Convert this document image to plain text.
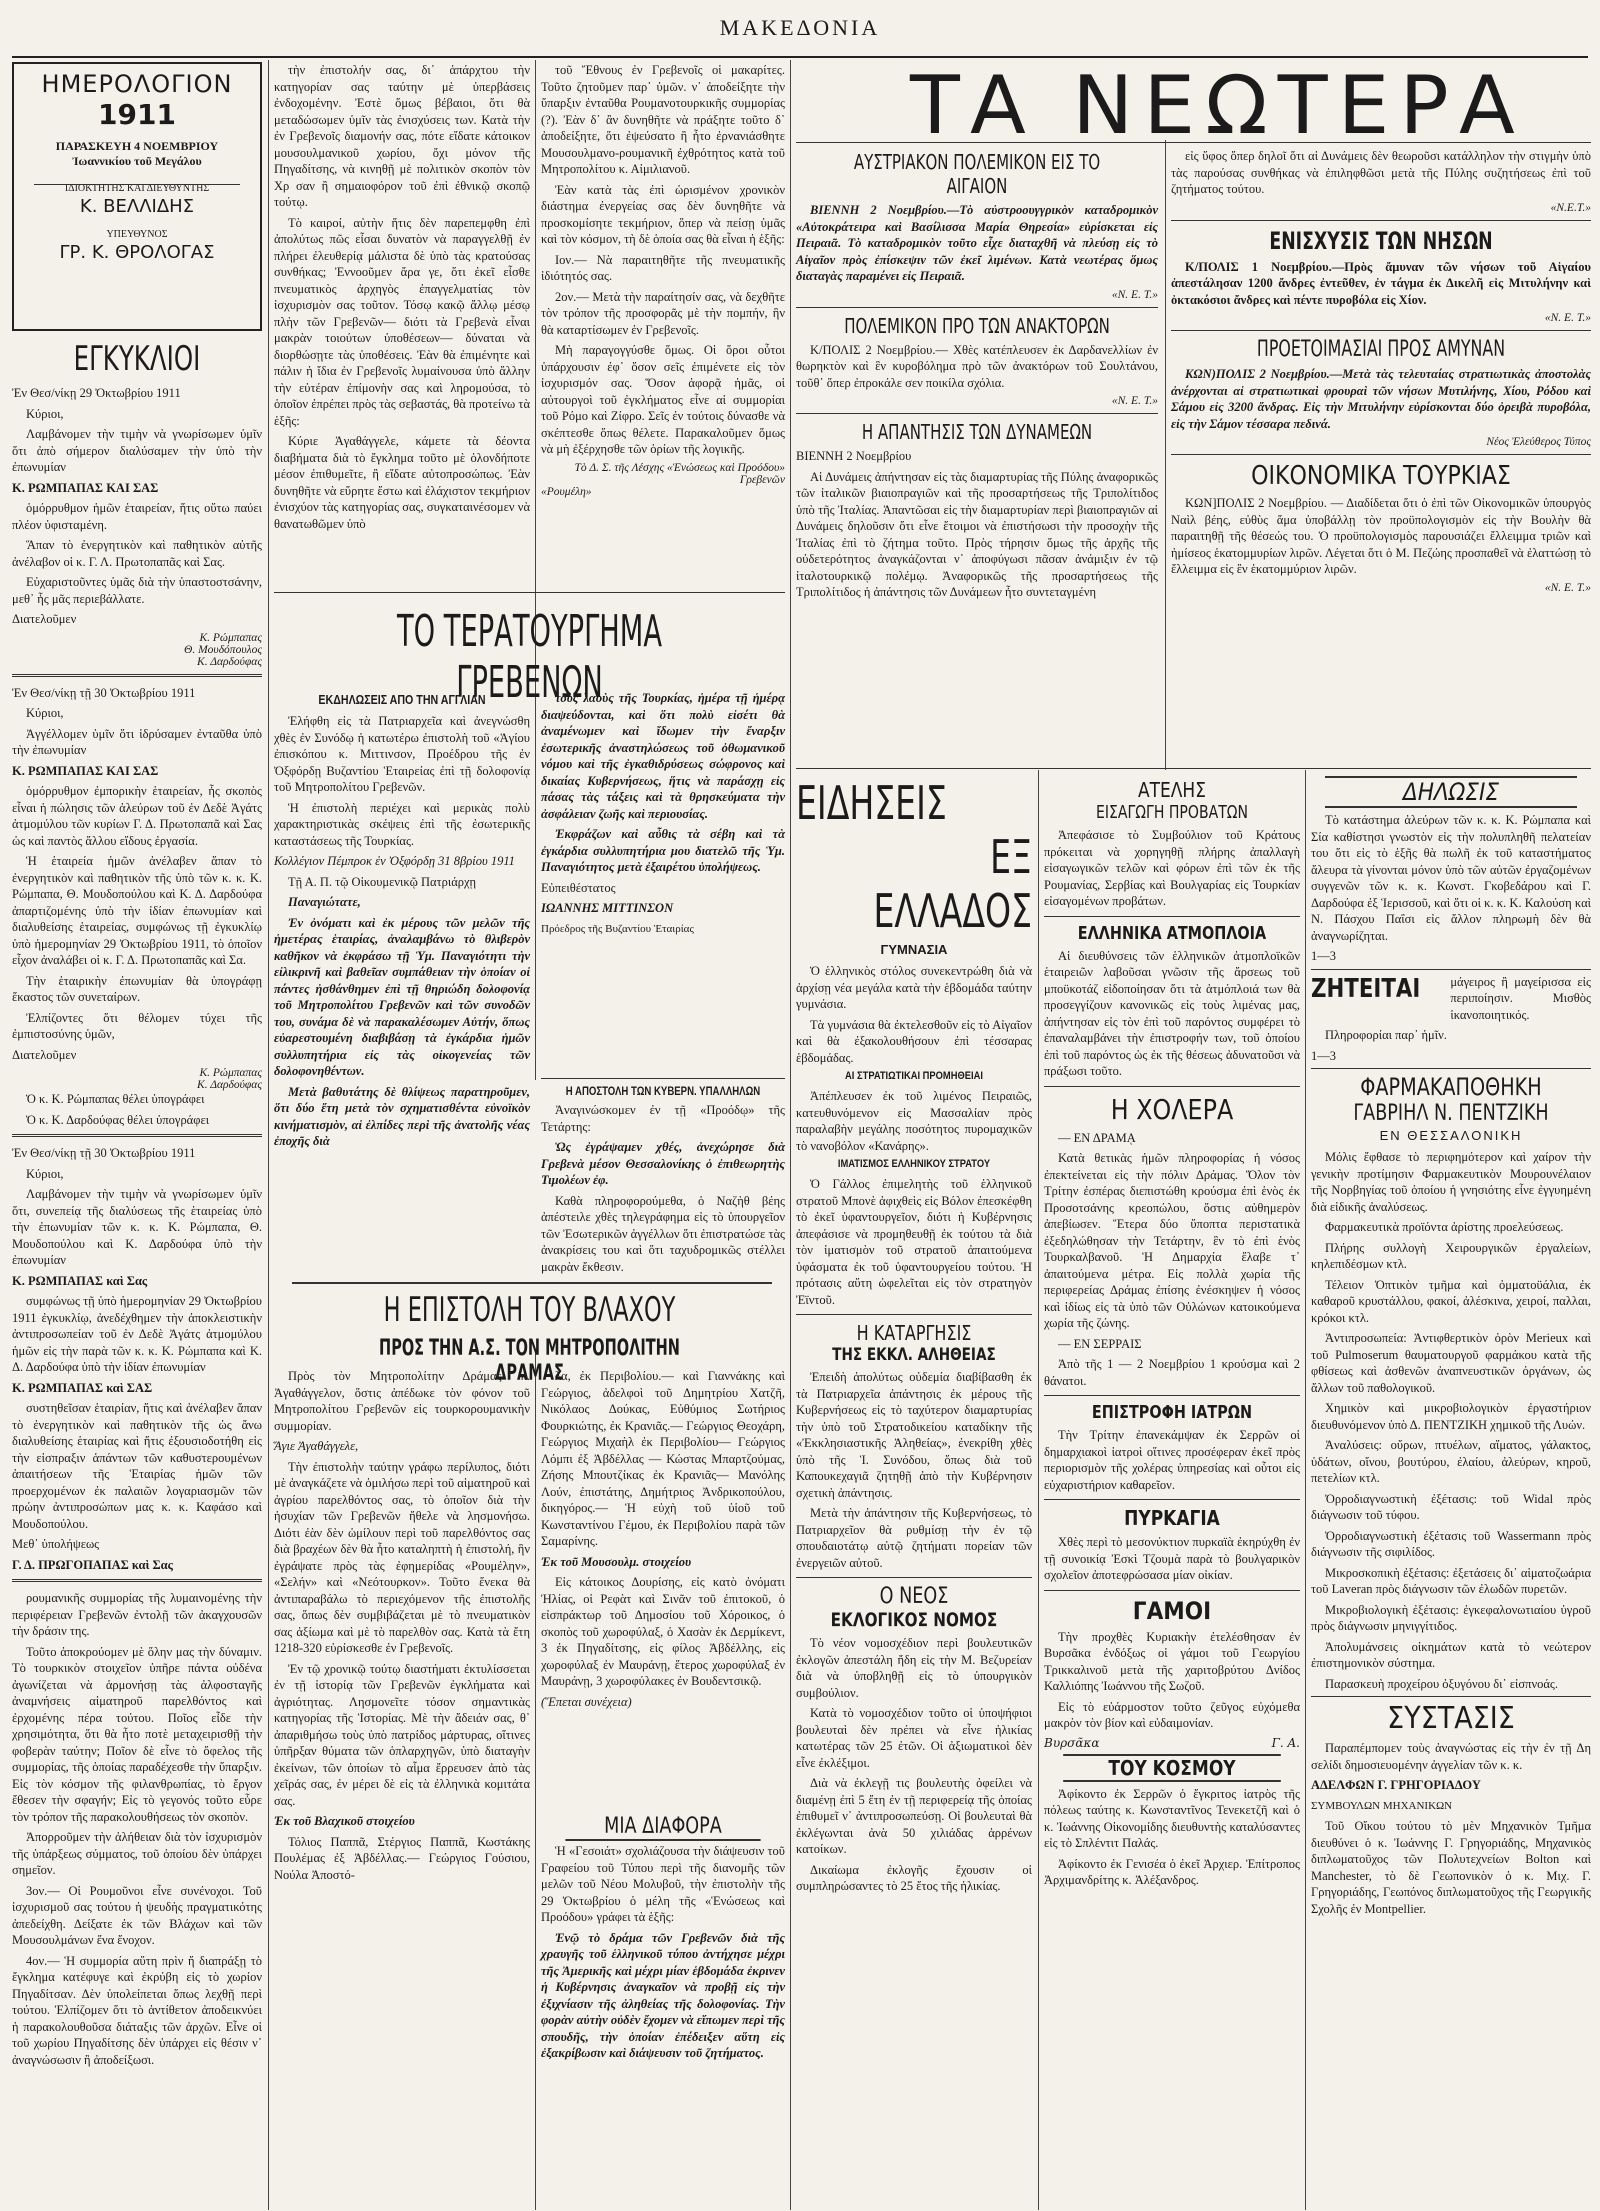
ΜΑΚΕΔΟΝΙΑ
ΗΜΕΡΟΛΟΓΙΟΝ
1911
ΠΑΡΑΣΚΕΥΗ 4 ΝΟΕΜΒΡΙΟΥ
Ἰωαννικίου τοῦ Μεγάλου
ΙΔΙΟΚΤΗΤΗΣ ΚΑΙ ΔΙΕΥΘΥΝΤΗΣ
Κ. ΒΕΛΛΙΔΗΣ
ΥΠΕΥΘΥΝΟΣ
ΓΡ. Κ. ΘΡΟΛΟΓΑΣ
ΕΓΚΥΚΛΙΟΙ

Ἐν Θεσ/νίκῃ 29 Ὀκτωβρίου 1911

Κύριοι,

Λαμβάνομεν τὴν τιμὴν νὰ γνωρίσωμεν ὑμῖν ὅτι ἀπὸ σήμερον διαλύσαμεν τὴν ὑπὸ τὴν ἐπωνυμίαν

Κ. ΡΩΜΠΑΠΑΣ ΚΑΙ ΣΑΣ

ὁμόρρυθμον ἡμῶν ἑταιρείαν, ἥτις οὕτω παύει πλέον ὑφισταμένη.

Ἅπαν τὸ ἐνεργητικὸν καὶ παθητικὸν αὐτῆς ἀνέλαβον οἱ κ. Γ. Λ. Πρωτοπαπᾶς καὶ Σας.

Εὐχαριστοῦντες ὑμᾶς διὰ τὴν ὑπαστοστσάνην, μεθ᾿ ἧς μᾶς περιεβάλλατε.

Διατελοῦμεν

Κ. Ρώμπαπας

Θ. Μουδόπουλος

Κ. Δαρδούφας

Ἐν Θεσ/νίκῃ τῇ 30 Ὀκτωβρίου 1911

Κύριοι,

Ἀγγέλλομεν ὑμῖν ὅτι ἱδρύσαμεν ἐνταῦθα ὑπὸ τὴν ἐπωνυμίαν

Κ. ΡΩΜΠΑΠΑΣ ΚΑΙ ΣΑΣ

ὁμόρρυθμον ἐμπορικὴν ἑταιρείαν, ἧς σκοπὸς εἶναι ἡ πώλησις τῶν ἀλεύρων τοῦ ἐν Δεδὲ Ἀγάτς ἀτμομύλου τῶν κυρίων Γ. Δ. Πρωτοπαπᾶ καὶ Σας ὡς καὶ παντὸς ἄλλου εἴδους ἐργασία.

Ἡ ἑταιρεία ἡμῶν ἀνέλαβεν ἅπαν τὸ ἐνεργητικὸν καὶ παθητικὸν τῆς ὑπὸ τῶν κ. κ. Κ. Ρώμπαπα, Θ. Μουδοπούλου καὶ Κ. Δ. Δαρδούφα ἀπαρτιζομένης ὑπὸ τὴν ἰδίαν ἐπωνυμίαν καὶ διαλυθείσης ἑταιρείας, συμφώνως τῇ ἐγκυκλίῳ ὑπὸ ἡμερομηνίαν 29 Ὀκτωβρίου 1911, τὸ ὁποῖον εἶχον ἀναλάβει οἱ κ. Γ. Δ. Πρωτοπαπᾶς καὶ Σα.

Τὴν ἑταιρικὴν ἐπωνυμίαν θὰ ὑπογράφῃ ἕκαστος τῶν συνεταίρων.

Ἐλπίζοντες ὅτι θέλομεν τύχει τῆς ἐμπιστοσύνης ὑμῶν,

Διατελοῦμεν

Κ. Ρώμπαπας

Κ. Δαρδούφας

Ὁ κ. Κ. Ρώμπαπας θέλει ὑπογράφει

Ὁ κ. Κ. Δαρδούφας θέλει ὑπογράφει

Ἐν Θεσ/νίκῃ τῇ 30 Ὀκτωβρίου 1911

Κύριοι,

Λαμβάνομεν τὴν τιμὴν νὰ γνωρίσωμεν ὑμῖν ὅτι, συνεπείᾳ τῆς διαλύσεως τῆς ἑταιρείας ὑπὸ τὴν ἐπωνυμίαν τῶν κ. κ. Κ. Ρώμπαπα, Θ. Μουδοπούλου καὶ Κ. Δαρδούφα ὑπὸ τὴν ἐπωνυμίαν

Κ. ΡΩΜΠΑΠΑΣ καὶ Σας

συμφώνως τῇ ὑπὸ ἡμερομηνίαν 29 Ὀκτωβρίου 1911 ἐγκυκλίῳ, ἀνεδέχθημεν τὴν ἀποκλειστικὴν ἀντιπροσωπείαν τοῦ ἐν Δεδὲ Ἀγάτς ἀτμομύλου ἡμῶν εἰς τὴν παρὰ τῶν κ. κ. Κ. Ρώμπαπα καὶ Κ. Δ. Δαρδούφα ὑπὸ τὴν ἰδίαν ἐπωνυμίαν

Κ. ΡΩΜΠΑΠΑΣ καὶ ΣΑΣ

συστηθεῖσαν ἑταιρίαν, ἥτις καὶ ἀνέλαβεν ἅπαν τὸ ἐνεργητικὸν καὶ παθητικὸν τῆς ὡς ἄνω διαλυθείσης ἑταιρίας καὶ ἥτις ἐξουσιοδοτήθη εἰς τὴν εἰσπραξιν ἁπάντων τῶν καθυστερουμένων ἀπαιτήσεων τῆς Ἑταιρίας ἡμῶν τῶν προερχομένων ἐκ παλαιῶν λογαριασμῶν τῶν πρώην ἀντιπροσώπων μας κ. κ. Καφάσο καὶ Μουδοπούλου.

Μεθ᾿ ὑπολήψεως

Γ. Δ. ΠΡΩΓΟΠΑΠΑΣ καὶ Σας

ρουμανικῆς συμμορίας τῆς λυμαινομένης τὴν περιφέρειαν Γρεβενῶν ἐντολῇ τῶν ἀκαγχουσῶν τὴν δράσιν της.

Τοῦτο ἀποκρούομεν μὲ ὅλην μας τὴν δύναμιν. Τὸ τουρκικὸν στοιχεῖον ὑπῆρε πάντα οὐδένα ἀγωνίζεται νὰ ἁρμονήσῃ τὰς ἀλφοσταγῆς ἀναμνήσεις αἱματηροῦ παρελθόντος καὶ ἐρχομένης πέρα τούτου. Ποῖος εἶδε τὴν χρησιμότητα, ὅτι θὰ ἦτο ποτὲ μεταχειρισθῇ τὴν φοβερὰν ταύτην; Ποῖον δὲ εἶνε τὸ ὄφελος τῆς συμμορίας, τῆς ὁποίας παραδέχεσθε τὴν ὕπαρξιν. Εἰς τὸν κόσμον τῆς φιλανθρωπίας, τὸ ἔργον ἔθεσεν τὴν σφαγήν; Εἰς τὸ γεγονός τοῦτο εὗρε τὸν τρόπον τῆς παρακολουθήσεως τὸν σκοπὸν.

Ἀπορροῦμεν τὴν ἀλήθειαν διὰ τὸν ἰσχυρισμὸν τῆς ὑπάρξεως σύμματος, τοῦ ὁποίου δὲν ὑπάρχει σημεῖον.

3ον.— Οἱ Ρουμοῦνοι εἶνε συνένοχοι. Τοῦ ἰσχυρισμοῦ σας τούτου ἡ ψευδὴς πραγματικότης ἀπεδείχθη. Δείξατε ἐκ τῶν Βλάχων καὶ τῶν Μουσουλμάνων ἕνα ἔνοχον.

4ον.— Ἡ συμμορία αὕτη πρὶν ἤ διαπράξῃ τὸ ἔγκλημα κατέφυγε καὶ ἐκρύβη εἰς τὸ χωρίον Πηγαδίτσαν. Δὲν ὑπολείπεται ὅπως λεχθῇ περὶ τούτου. Ἐλπίζομεν ὅτι τὸ ἀντίθετον ἀποδεικνύει ἡ παρακολουθοῦσα διάταξις τῶν ἀρχῶν. Εἶνε οἱ τοῦ χωρίου Πηγαδίτσης δὲν ὑπάρχει εἰς θέσιν ν᾿ ἀναγνώσωσιν ἢ ἀποδείξωσι.

τὴν ἐπιστολήν σας, δι᾿ ἁπάρχτου τὴν κατηγορίαν σας ταύτην μὲ ὑπερβάσεις ἐνδοχομένην. Ἐστὲ ὅμως βέβαιοι, ὅτι θὰ μεταδώσωμεν ὑμῖν τὰς ἐνισχύσεις των. Κατὰ τὴν ἐν Γρεβενοῖς διαμονήν σας, πότε εἴδατε κάτοικον μουσουλμανικοῦ χωρίου, ὄχι μόνον τῆς Πηγαδίτσης, νὰ κινηθῇ μὲ πολιτικὸν σκοπὸν τὸν Χρ σαν ἢ σημαιοφόρον τοῦ ἐπὶ ἐθνικῷ σκοπῷ τούτῳ.

Τὸ καιροί, αὐτὴν ἥτις δὲν παρεπεμφθη ἐπὶ ἀπολύτως πῶς εἶσαι δυνατὸν νὰ παραγγελθῇ ἐν πλήρει ἐλευθερίᾳ μάλιστα δὲ ὑπὸ τὰς κρατούσας συνθήκας; Ἐννοοῦμεν ἄρα γε, ὅτι ἐκεῖ εἶσθε πνευματικὸς ἀρχηγὸς ἐπαγγελματίας τὸν ἰσχυρισμὸν σας τοῦτον. Τόσῳ κακῷ ἄλλῳ μέσῳ πλὴν τῶν Γρεβενῶν— διότι τὰ Γρεβενὰ εἶναι μακρὰν τοιούτων ὑποθέσεων— δύναται νὰ διορθώσῃτε τὰς ὑποθέσεις. Ἐὰν θὰ ἐπιμένητε καὶ πάλιν ἡ ἴδια ἐν Γρεβενοῖς λυμαίνουσα ὑπὸ ἄλλην τὴν εὐτέραν ἐπίμονὴν σας καὶ ληρομούσα, τὸ ὁποῖον ἐπρέπει πρὸς τὰς σεβαστάς, θὰ προτείνω τὰ ἑξῆς:

Κύριε Ἀγαθάγγελε, κάμετε τὰ δέοντα διαβήματα διὰ τὸ ἔγκλημα τοῦτο μὲ ὁλονδήποτε μέσον ἐπιθυμεῖτε, ἢ εἴδατε αὐτοπροσώπως. Ἐὰν δυνηθῆτε νὰ εὕρητε ἔστω καὶ ἐλάχιστον τεκμήριον ἐνισχύον τὰς κατηγορίας σας, συγκαταινέσομεν νὰ θανατωθῶμεν ὑπὸ

τοῦ Ἔθνους ἐν Γρεβενοῖς οἱ μακαρίτες. Τοῦτο ζητοῦμεν παρ᾿ ὑμῶν. ν᾿ ἀποδείξητε τὴν ὕπαρξιν ἐνταῦθα Ρουμανοτουρκικῆς συμμορίας (?). Ἐὰν δ᾿ ἂν δυνηθῆτε νὰ πράξητε τοῦτο δ᾿ ἀποδείξητε, ὅτι ἐψεύσατο ἢ ἦτο ἐρνανιάσθητε Μουσουλμανο-ρουμανικῆ ἐχθρότητος κατὰ τοῦ Μητροπολίτου κ. Αἰμιλιανοῦ.

Ἐὰν κατὰ τὰς ἐπὶ ὡρισμένον χρονικὸν διάστημα ἐνεργείας σας δὲν δυνηθῆτε νὰ προσκομίσητε τεκμήριον, ὅπερ νὰ πείσῃ ὑμᾶς καὶ τὸν κόσμον, τὴ δὲ ὁποία σας θὰ εἶναι ἡ ἑξῆς:

Ιον.— Νὰ παραιτηθῆτε τῆς πνευματικῆς ἰδιότητός σας.

2ον.— Μετὰ τὴν παραίτησίν σας, νὰ δεχθῆτε τὸν τρόπον τῆς προσφορᾶς μὲ τὴν πομπήν, ἣν θὰ καταρτίσωμεν ἐν Γρεβενοῖς.

Μὴ παραγογγύσθε ὅμως. Οἱ ὅροι οὗτοι ὑπάρχουσιν ἐφ᾿ ὅσον σεῖς ἐπιμένετε εἰς τὸν ἰσχυρισμόν σας. Ὅσον ἀφορᾷ ἡμᾶς, οἱ αὐτουργοὶ τοῦ ἐγκλήματος εἶνε αἱ συμμορίαι τοῦ Ρόμο καὶ Ζίφρο. Σεῖς ἐν τούτοις δύνασθε νὰ σκέπτεσθε ὅπως θέλετε. Παρακαλοῦμεν ὅμως νὰ μὴ ἐξέρχησθε τῶν ὁρίων τῆς λογικῆς.

Τὸ Δ. Σ. τῆς Λέσχης «Ἑνώσεως καὶ Προόδου» Γρεβενῶν

«Ρουμέλη»

ΤΟ ΤΕΡΑΤΟΥΡΓΗΜΑ ΓΡΕΒΕΝΩΝ
ΕΚΔΗΛΩΣΕΙΣ ΑΠΟ ΤΗΝ ΑΓΓΛΙΑΝ

Ἐλήφθη εἰς τὰ Πατριαρχεῖα καὶ ἀνεγνώσθη χθὲς ἐν Συνόδῳ ἡ κατωτέρω ἐπιστολὴ τοῦ «Ἁγίου ἐπισκόπου κ. Μιττινσον, Προέδρου τῆς ἐν Ὀξφόρδῃ Βυζαντίου Ἑταιρείας ἐπὶ τῇ δολοφονίᾳ τοῦ Μητροπολίτου Γρεβενῶν.

Ἡ ἐπιστολὴ περιέχει καὶ μερικὰς πολὺ χαρακτηριστικὰς σκέψεις ἐπὶ τῆς ἐσωτερικῆς καταστάσεως τῆς Τουρκίας.

Κολλέγιον Πέμπροκ ἐν Ὀξφόρδῃ 31 8βρίου 1911

Τῇ Α. Π. τῷ Οἰκουμενικῷ Πατριάρχῃ

Παναγιώτατε,

Ἐν ὀνόματι καὶ ἐκ μέρους τῶν μελῶν τῆς ἡμετέρας ἑταιρίας, ἀναλαμβάνω τὸ θλιβερὸν καθῆκον νὰ ἐκφράσω τῇ Ὑμ. Παναγιότητι τὴν εἰλικρινῆ καὶ βαθεῖαν συμπάθειαν τὴν ὁποίαν οἱ πάντες ἠσθάνθημεν ἐπὶ τῇ θηριώδη δολοφονίᾳ τοῦ Μητροπολίτου Γρεβενῶν καὶ τῶν συνοδῶν του, συνάμα δὲ νὰ παρακαλέσωμεν Αὐτήν, ὅπως εὐαρεστουμένη διαβιβάσῃ τὰ ἐγκάρδια ἡμῶν συλλυπητήρια εἰς τὰς οἰκογενείας τῶν δολοφονηθέντων.

Μετὰ βαθυτάτης δὲ θλίψεως παρατηροῦμεν, ὅτι δύο ἔτη μετὰ τὸν σχηματισθέντα εὐνοϊκὸν κινήματισμὸν, αἱ ἐλπίδες περὶ τῆς ἀνατολῆς νέας ἐποχῆς διὰ

τοὺς λαοὺς τῆς Τουρκίας, ἡμέρα τῇ ἡμέρᾳ διαψεύδονται, καὶ ὅτι πολὺ εἰσέτι θὰ ἀναμένωμεν καὶ ἴδωμεν τὴν ἔναρξιν ἐσωτερικῆς ἀναστηλώσεως τοῦ ὀθωμανικοῦ νόμου καὶ τῆς ἐγκαθιδρύσεως σώφρονος καὶ δικαίας Κυβερνήσεως, ἥτις νὰ παράσχῃ εἰς πάσας τὰς τάξεις καὶ τὰ θρησκεύματα τὴν ἀσφάλειαν ζωῆς καὶ περιουσίας.

Ἐκφράζων καὶ αὖθις τὰ σέβη καὶ τὰ ἐγκάρδια συλλυπητήρια μου διατελῶ τῆς Ὑμ. Παναγιότητος μετὰ ἐξαιρέτου ὑπολήψεως.

Εὐπειθέστατος

ΙΩΑΝΝΗΣ ΜΙΤΤΙΝΣΟΝ

Πρόεδρος τῆς Βυζαντίου Ἑταιρίας

Η ΑΠΟΣΤΟΛΗ ΤΩΝ ΚΥΒΕΡΝ. ΥΠΑΛΛΗΛΩΝ

Ἀναγινώσκομεν ἐν τῇ «Προόδῳ» τῆς Τετάρτης:

Ὡς ἐγράψαμεν χθές, ἀνεχώρησε διὰ Γρεβενὰ μέσον Θεσσαλονίκης ὁ ἐπιθεωρητὴς Τιμολέων ἐφ.

Καθὰ πληροφορούμεθα, ὁ Ναζὴθ βέης ἀπέστειλε χθὲς τηλεγράφημα εἰς τὸ ὑπουργεῖον τῶν Ἐσωτερικῶν ἀγγέλλων ὅτι ἐπιστρατώσε τὰς ἀνακρίσεις του καὶ ὅτι ταχυδρομικῶς στέλλει μακρὰν ἔκθεσιν.

Η ΕΠΙΣΤΟΛΗ ΤΟΥ ΒΛΑΧΟΥ
ΠΡΟΣ ΤΗΝ Α.Σ. ΤΟΝ ΜΗΤΡΟΠΟΛΙΤΗΝ ΔΡΑΜΑΣ

Πρὸς τὸν Μητροπολίτην Δράμας κ. Ἀγαθάγγελον, ὅστις ἀπέδωκε τὸν φόνον τοῦ Μητροπολίτου Γρεβενῶν εἰς τουρκορουμανικὴν συμμορίαν.

Ἅγιε Ἀγαθάγγελε,

Τὴν ἐπιστολὴν ταύτην γράφω περίλυπος, διότι μὲ ἀναγκάζετε νὰ ὁμιλήσω περὶ τοῦ αἱματηροῦ καὶ ἀγρίου παρελθόντος σας, τὸ ὁποῖον διὰ τὴν ἡσυχίαν τῶν Γρεβενῶν ἤθελε νὰ λησμονήσω. Διότι ἐὰν δὲν ὡμίλουν περὶ τοῦ παρελθόντος σας διὰ βραχέων δὲν θὰ ἦτο καταληπτὴ ἡ ἐπιστολή, ἣν ἐγράψατε πρὸς τὰς ἐφημερίδας «Ρουμέλην», «Σελήν» καὶ «Νεότουρκον». Τοῦτο ἕνεκα θὰ ἀντιπαραβάλω τὸ περιεχόμενον τῆς ἐπιστολῆς σας, ὅπως δὲν συμβιβάζεται μὲ τὸ πνευματικὸν σας ἀξίωμα καὶ μὲ τὸ παρελθὸν σας. Κατὰ τὰ ἔτη 1218-320 εὑρίσκεσθε ἐν Γρεβενοῖς.

Ἐν τῷ χρονικῷ τούτῳ διαστήματι ἐκτυλίσσεται ἐν τῇ ἱστορίᾳ τῶν Γρεβενῶν ἐγκλήματα καὶ ἀγριότητας. Λησμονεῖτε τόσον σημαντικὰς κατηγορίας τῆς Ἱστορίας. Μὲ τὴν ἄδειάν σας, θ᾿ ἀπαριθμήσω τοὺς ὑπὸ πατρίδος μάρτυρας, οἵτινες ὑπῆρξαν θύματα τῶν ὁπλαρχηγῶν, ὑπὸ διαταγὴν ἐκείνων, τῶν ὁποίων τὸ αἷμα ἔρρευσεν ἀπὸ τὰς χεῖράς σας, ἐν μέρει δὲ εἰς τὰ ἐλληνικὰ κομιτάτα σας.

Ἐκ τοῦ Βλαχικοῦ στοιχείου

Τόλιος Παππᾶ, Στέργιος Παππᾶ, Κωστάκης Πουλέμας ἐξ Ἀβδέλλας.— Γεώργιος Γούσιου, Νούλα Ἀποστό-

λα, ἐκ Περιβολίου.— καὶ Γιαννάκης καὶ Γεώργιος, ἀδελφοὶ τοῦ Δημητρίου Χατζῆ, Νικόλαος Δούκας, Εὐθύμιος Σωτήριος Φουρκιώτης, ἐκ Κρανιᾶς.— Γεώργιος Θεοχάρη, Γεώργιος Μιχαὴλ ἐκ Περιβολίου— Γεώργιος Λόμπι ἐξ Ἀβδέλλας — Κώστας Μπαρτζούμας, Ζήσης Μπουτζίκας ἐκ Κρανιᾶς— Μανόλης Λούν, ἐπιστάτης, Δημήτριος Ἀνδρικοπούλου, δικηγόρος.— Ἡ εὐχὴ τοῦ ὑἱοῦ τοῦ Κωνσταντίνου Γέμου, ἐκ Περιβολίου παρὰ τῶν Σαμαρίνης.

Ἐκ τοῦ Μουσουλμ. στοιχείου

Εἰς κάτοικος Δουρίσης, εἰς κατὸ ὀνόματι Ἠλίας, οἱ Ρεφὰτ καὶ Σινᾶν τοῦ ἐπιτοκοῦ, ὁ εἰσπράκτωρ τοῦ Δημοσίου τοῦ Χόροικος, ὁ σκοπὸς τοῦ χωροφύλαξ, ὁ Χασὰν ἐκ Δερμίκεντ, 3 ἐκ Πηγαδίτσης, εἰς φίλος Ἀβδέλλης, εἰς χωροφύλαξ ἐν Μαυράνῃ, ἕτερος χωροφύλαξ ἐν Μαυράνῃ, 3 χωροφύλακες ἐν Βουδεντσικῷ.

(Ἕπεται συνέχεια)

ΜΙΑ ΔΙΑΦΟΡΑ

Ἡ «Γεσοιάτ» σχολιάζουσα τὴν διάψευσιν τοῦ Γραφείου τοῦ Τύπου περὶ τῆς διανομῆς τῶν μελῶν τοῦ Νέου Μολυβοῦ, τὴν ἐπιστολὴν τῆς 29 Ὀκτωβρίου ὁ μέλη τῆς «Ἑνώσεως καὶ Προόδου» γράφει τὰ ἑξῆς:

Ἐνῷ τὸ δράμα τῶν Γρεβενῶν διὰ τῆς χραυγῆς τοῦ ἑλληνικοῦ τύπου ἀντήχησε μέχρι τῆς Ἀμερικῆς καὶ μέχρι μίαν ἑβδομάδα ἐκρινεν ἡ Κυβέρνησις ἀναγκαῖον νὰ προβῇ εἰς τὴν ἐξιχνίασιν τῆς ἀληθείας τῆς δολοφονίας. Τὴν φορὰν αὐτὴν οὐδὲν ἔχομεν νὰ εἴπωμεν περὶ τῆς σπουδῆς, τὴν ὁποίαν ἐπέδειξεν αὕτη εἰς ἐξακρίβωσιν καὶ διάψευσιν τοῦ ζητήματος.

ΤΑ ΝΕΩΤΕΡΑ
ΑΥΣΤΡΙΑΚΟΝ ΠΟΛΕΜΙΚΟΝ ΕΙΣ ΤΟ ΑΙΓΑΙΟΝ

ΒΙΕΝΝΗ 2 Νοεμβρίου.—Τὸ αὐστροουγγρικὸν καταδρομικὸν «Αὐτοκράτειρα καὶ Βασίλισσα Μαρία Θηρεσία» εὑρίσκεται εἰς Πειραιᾶ. Τὸ καταδρομικὸν τοῦτο εἶχε διαταχθῆ νὰ πλεύσῃ εἰς τὸ Αἰγαῖον πρὸς ἐπίσκεψιν τῶν ἐκεῖ λιμένων. Κατὰ νεωτέρας ὅμως διαταγὰς παραμένει εἰς Πειραιᾶ.

«Ν. Ε. Τ.»

ΠΟΛΕΜΙΚΟΝ ΠΡΟ ΤΩΝ ΑΝΑΚΤΟΡΩΝ

Κ/ΠΟΛΙΣ 2 Νοεμβρίου.— Χθὲς κατέπλευσεν ἐκ Δαρδανελλίων ἐν θωρηκτὸν καὶ ἓν κυροβόλημα πρὸ τῶν ἀνακτόρων τοῦ Σουλτάνου, τοῦθ᾿ ὅπερ ἐπροκάλε σεν ποικίλα σχόλια.

«Ν. Ε. Τ.»

Η ΑΠΑΝΤΗΣΙΣ ΤΩΝ ΔΥΝΑΜΕΩΝ

ΒΙΕΝΝΗ 2 Νοεμβρίου

Αἱ Δυνάμεις ἀπήντησαν εἰς τὰς διαμαρτυρίας τῆς Πύλης ἀναφορικῶς τῶν ἰταλικῶν βιαιοπραγιῶν καὶ τῆς προσαρτήσεως τῆς Τριπολίτιδος ὑπὸ τῆς Ἰταλίας. Ἀπαντῶσαι εἰς τὴν διαμαρτυρίαν περὶ βιαιοπραγιῶν αἱ Δυνάμεις δηλοῦσιν ὅτι εἶνε ἕτοιμοι νὰ ἐπιστήσωσι τὴν προσοχὴν τῆς Ἰταλίας ἐπὶ τὸ ζήτημα τοῦτο. Πρὸς τήρησιν ὅμως τῆς ἀρχῆς τῆς οὐδετερότητος ἀναγκάζονται ν᾿ ἀποφύγωσι πᾶσαν ἀνάμιξιν ἐν τῷ ἰταλοτουρκικῷ πολέμῳ. Ἀναφορικῶς τῆς προσαρτήσεως τῆς Τριπολίτιδος ἡ ἀπάντησις τῶν Δυνάμεων ἦτο συντεταγμένη

εἰς ὕφος ὅπερ δηλοῖ ὅτι αἱ Δυνάμεις δὲν θεωροῦσι κατάλληλον τὴν στιγμὴν ὑπὸ τὰς παρούσας συνθήκας νὰ ἐπιληφθῶσι μετὰ τῆς Πύλης συζητήσεως ἐπὶ τοῦ ζητήματος τούτου.

«Ν.Ε.Τ.»

ΕΝΙΣΧΥΣΙΣ ΤΩΝ ΝΗΣΩΝ

Κ/ΠΟΛΙΣ 1 Νοεμβρίου.—Πρὸς ἄμυναν τῶν νήσων τοῦ Αἰγαίου ἀπεστάλησαν 1200 ἄνδρες ἐντεῦθεν, ἐν τάγμα ἐκ Δικελῆ εἰς Μιτυλήνην καὶ ὀκτακόσιοι ἄνδρες καὶ πέντε πυροβόλα εἰς Χίον.

«Ν. Ε. Τ.»

ΠΡΟΕΤΟΙΜΑΣΙΑΙ ΠΡΟΣ ΑΜΥΝΑΝ

ΚΩΝ)ΠΟΛΙΣ 2 Νοεμβρίου.—Μετὰ τὰς τελευταίας στρατιωτικὰς ἀποστολὰς ἀνέρχονται αἱ στρατιωτικαὶ φρουραὶ τῶν νήσων Μυτιλήνης, Χίου, Ρόδου καὶ Σάμου εἰς 3200 ἄνδρας. Εἰς τὴν Μιτυλήνην εὑρίσκονται δύο ὀρειβὰ πυροβόλα, εἰς τὴν Σάμον τέσσαρα πεδινά.

Νέος Ἐλεύθερος Τύπος

ΟΙΚΟΝΟΜΙΚΑ ΤΟΥΡΚΙΑΣ

ΚΩΝ]ΠΟΛΙΣ 2 Νοεμβρίου. — Διαδίδεται ὅτι ὁ ἐπὶ τῶν Οἰκονομικῶν ὑπουργὸς Ναὶλ βέης, εὐθὺς ἅμα ὑποβάλλῃ τὸν προϋπολογισμὸν εἰς τὴν Βουλὴν θὰ παραιτηθῇ τῆς θέσεώς του. Ὁ προϋπολογισμὸς παρουσιάζει ἔλλειμμα τριῶν καὶ ἡμίσεος ἑκατομμυρίων λιρῶν. Λέγεται ὅτι ὁ Μ. Πεζώης προσπαθεῖ νὰ ἐλαττώσῃ τὸ ἔλλειμμα εἰς ἓν ἑκατομμύριον λιρῶν.

«Ν. Ε. Τ.»

ΕΙΔΗΣΕΙΣ
ΕΞ ΕΛΛΑΔΟΣ
ΓΥΜΝΑΣΙΑ

Ὁ ἑλληνικὸς στόλος συνεκεντρώθη διὰ νὰ ἀρχίσῃ νέα μεγάλα κατὰ τὴν ἑβδομάδα ταύτην γυμνάσια.

Τὰ γυμνάσια θὰ ἐκτελεσθοῦν εἰς τὸ Αἰγαῖον καὶ θὰ ἐξακολουθήσουν ἐπὶ τέσσαρας ἑβδομάδας.

ΑΙ ΣΤΡΑΤΙΩΤΙΚΑΙ ΠΡΟΜΗΘΕΙΑΙ

Ἀπέπλευσεν ἐκ τοῦ λιμένος Πειραιῶς, κατευθυνόμενον εἰς Μασσαλίαν πρὸς παραλαβὴν μεγάλης ποσότητος πυρομαχικῶν τὸ νανοβόλον «Κανάρης».

ΙΜΑΤΙΣΜΟΣ ΕΛΛΗΝΙΚΟΥ ΣΤΡΑΤΟΥ

Ὁ Γάλλος ἐπιμελητὴς τοῦ ἑλληνικοῦ στρατοῦ Μπονὲ ἀφιχθεὶς εἰς Βόλον ἐπεσκέφθη τὸ ἐκεῖ ὑφαντουργεῖον, διότι ἡ Κυβέρνησις ἀπεφάσισε νὰ προμηθευθῇ ἐκ τούτου τὰ διὰ τὸν ἱματισμὸν τοῦ στρατοῦ ἀπαιτούμενα ὑφάσματα ἐκ τοῦ ὑφαντουργείου τούτου. Ἡ πρότασις αὕτη ὠφελεῖται εἰς τὸν στρατηγὸν Ἐϊντοῦ.

Η ΚΑΤΑΡΓΗΣΙΣ
ΤΗΣ ΕΚΚΛ. ΑΛΗΘΕΙΑΣ

Ἐπειδὴ ἀπολύτως οὐδεμία διαβίβασθη ἐκ τὰ Πατριαρχεῖα ἀπάντησις ἐκ μέρους τῆς Κυβερνήσεως εἰς τὸ ταχύτερον διαμαρτυρίας τὴν ὑπὸ τοῦ Στρατοδικείου καταδίκην τῆς «Ἐκκλησιαστικῆς Ἀληθείας», ἐνεκρίθη χθὲς ὑπὸ τῆς Ἱ. Συνόδου, ὅπως διὰ τοῦ Καπουκεχαγιᾶ ζητηθῇ ἀπὸ τὴν Κυβέρνησιν σχετικὴ ἀπάντησις.

Μετὰ τὴν ἀπάντησιν τῆς Κυβερνήσεως, τὸ Πατριαρχεῖον θὰ ρυθμίσῃ τὴν ἐν τῷ σπουδαιοτάτῳ αὐτῷ ζητήματι πορείαν τῶν ἐνεργειῶν αὐτοῦ.

Ο ΝΕΟΣ
ΕΚΛΟΓΙΚΟΣ ΝΟΜΟΣ

Τὸ νέον νομοσχέδιον περὶ βουλευτικῶν ἐκλογῶν ἀπεστάλη ἤδη εἰς τὴν Μ. Βεζυρείαν διὰ νὰ ὑποβληθῇ εἰς τὸ ὑπουργικὸν συμβούλιον.

Κατὰ τὸ νομοσχέδιον τοῦτο οἱ ὑποψήφιοι βουλευταὶ δὲν πρέπει νὰ εἶνε ἡλικίας κατωτέρας τῶν 25 ἐτῶν. Οἱ ἀξιωματικοὶ δὲν εἶνε ἐκλέξιμοι.

Διὰ νὰ ἐκλεγῇ τις βουλευτὴς ὀφείλει νὰ διαμένῃ ἐπὶ 5 ἔτη ἐν τῇ περιφερείᾳ τῆς ὁποίας ἐπιθυμεῖ ν᾿ ἀντιπροσωπεύσῃ. Οἱ βουλευταὶ θὰ ἐκλέγωνται ἀνὰ 50 χιλιάδας ἀρρένων κατοίκων.

Δικαίωμα ἐκλογῆς ἔχουσιν οἱ συμπληρώσαντες τὸ 25 ἔτος τῆς ἡλικίας.

ΑΤΕΛΗΣ
ΕΙΣΑΓΩΓΗ ΠΡΟΒΑΤΩΝ

Ἀπεφάσισε τὸ Συμβούλιον τοῦ Κράτους πρόκειται νὰ χορηγηθῇ πλήρης ἀπαλλαγὴ εἰσαγωγικῶν τελῶν καὶ φόρων ἐπὶ τῶν ἐκ τῆς Ρουμανίας, Σερβίας καὶ Βουλγαρίας εἰς Τουρκίαν εἰσαγομένων προβάτων.

ΕΛΛΗΝΙΚΑ ΑΤΜΟΠΛΟΙΑ

Αἱ διευθύνσεις τῶν ἑλληνικῶν ἀτμοπλοϊκῶν ἑταιρειῶν λαβοῦσαι γνῶσιν τῆς ἄρσεως τοῦ μποϋκοτάζ εἰδοποίησαν ὅτι τὰ ἀτμόπλοιά των θὰ προσεγγίζουν κανονικῶς εἰς τοὺς λιμένας μας, ἀπήντησαν εἰς τὸν ἐπὶ τοῦ παρόντος συμφέρει τὸ ἐπαναλαμβάνει τὴν ἐπιστροφήν των, τοῦ ὁποίου ἐπὶ τοῦ παρόντος ὡς ἐκ τῆς θέσεως ἀδυνατοῦσι νὰ πράξωσι τοῦτο.

Η ΧΟΛΕΡΑ

— ΕΝ ΔΡΑΜᾼ

Κατὰ θετικὰς ἡμῶν πληροφορίας ἡ νόσος ἐπεκτείνεται εἰς τὴν πόλιν Δράμας. Ὅλον τὸν Τρίτην ἐσπέρας διεπιστώθη κρούσμα ἐπὶ ἑνὸς ἐκ Προσοτσάνης κρεοπώλου, ὅστις αὐθημερὸν ἀπεβίωσεν. Ἕτερα δύο ὕποπτα περιστατικὰ ἐξεδηλώθησαν τὴν Τετάρτην, ἓν τὸ ἐπὶ ἑνὸς Τουρκαλβανοῦ. Ἡ Δημαρχία ἔλαβε τ᾿ ἀπαιτούμενα μέτρα. Εἰς πολλὰ χωρία τῆς περιφερείας Δράμας ἐπίσης ἐνέσκηψεν ἡ νόσος καὶ ἰδίως εἰς τὰ ὑπὸ τῶν Οὐλώνων κατοικούμενα χωρία τῆς ζώνης.

— ΕΝ ΣΕΡΡΑΙΣ

Ἀπὸ τῆς 1 — 2 Νοεμβρίου 1 κρούσμα καὶ 2 θάνατοι.

ΕΠΙΣΤΡΟΦΗ ΙΑΤΡΩΝ

Τὴν Τρίτην ἐπανεκάμψαν ἐκ Σερρῶν οἱ δημαρχιακοὶ ἰατροὶ οἵτινες προσέφεραν ἐκεῖ πρὸς περιορισμὸν τῆς χολέρας ὑπηρεσίας καὶ οὗτοι εἰς εὐχαριστήριον καθαρεῖον.

ΠΥΡΚΑΓΙΑ

Χθὲς περὶ τὸ μεσονύκτιον πυρκαϊὰ ἐκηρύχθη ἐν τῇ συνοικίᾳ Ἐσκὶ Τζουμὰ παρὰ τὸ βουλγαρικὸν σχολεῖον ἀποτεφρώσασα μίαν οἰκίαν.

ΓΑΜΟΙ

Τὴν προχθὲς Κυριακὴν ἐτελέσθησαν ἐν Βυρσᾶκα ἐνδόξως οἱ γάμοι τοῦ Γεωργίου Τρικκαλινοῦ μετὰ τῆς χαριτοβρύτου Δνίδος Καλλιόπης Ἰωάννου τῆς Σωζοῦ.

Εἰς τὸ εὐάρμοστον τοῦτο ζεῦγος εὐχόμεθα μακρὸν τὸν βίον καὶ εὐδαιμονίαν.

Βυρσᾶκα	Γ. Α.
ΤΟΥ ΚΟΣΜΟΥ

Ἀφίκοντο ἐκ Σερρῶν ὁ ἔγκριτος ἰατρὸς τῆς πόλεως ταύτης κ. Κωνσταντῖνος Τενεκετζῆ καὶ ὁ κ. Ἰωάννης Οἰκονομίδης διευθυντὴς καταλύσαντες εἰς τὸ Σπλέντιτ Παλάς.

Ἀφίκοντο ἐκ Γενισέα ὁ ἐκεῖ Ἀρχιερ. Ἐπίτροπος Ἀρχιμανδρίτης κ. Ἀλέξανδρος.

ΔΗΛΩΣΙΣ

Τὸ κατάστημα ἀλεύρων τῶν κ. κ. Κ. Ρώμπαπα καὶ Σία καθίστησι γνωστὸν εἰς τὴν πολυπληθῆ πελατείαν του ὅτι εἰς τὸ ἑξῆς θὰ πωλῆ ἐκ τοῦ καταστήματος ἄλευρα τὰ γίνονται μόνον ὑπὸ τῶν αὐτῶν ἐργαζομένων συγγενῶν τῶν κ. κ. Κωνστ. Γκοβεδάρου καὶ Γ. Δαρδούφα ἐξ Ἱερισσοῦ, καὶ ὅτι οἱ κ. κ. Κ. Καλούση καὶ Ν. Πάσχου Παΐσι εἰς ἄλλον πληρωμὴ δὲν θὰ ἀναγνωρίζηται.

1—3

ΖΗΤΕΙΤΑΙ μάγειρος ἢ μαγείρισσα εἰς περιποίησιν. Μισθὸς ἱκανοποιητικός.

Πληροφορίαι παρ᾿ ἡμῖν.

1—3

ΦΑΡΜΑΚΑΠΟΘΗΚΗ
ΓΑΒΡΙΗΛ Ν. ΠΕΝΤΖΙΚΗ
ΕΝ ΘΕΣΣΑΛΟΝΙΚΗ

Μόλις ἔφθασε τὸ περιφημότερον καὶ χαίρον τὴν γενικὴν προτίμησιν Φαρμακευτικὸν Μουρουνέλαιον τῆς Νορβηγίας τοῦ ὁποίου ἡ γνησιότης εἶνε ἐγγυημένη διὰ εἰδικῆς ἀναλύσεως.

Φαρμακευτικὰ προϊόντα ἀρίστης προελεύσεως.

Πλήρης συλλογὴ Χειρουργικῶν ἐργαλείων, κηλεπιδέσμων κτλ.

Τέλειον Ὀπτικὸν τμῆμα καὶ ὀμματοϋάλια, ἐκ καθαροῦ κρυστάλλου, φακοί, ἀλέσκινα, χειροί, παλλαι, κρόκοι κτλ.

Ἀντιπροσωπεία: Ἀντιφθερτικὸν ὀρὸν Merieux καὶ τοῦ Pulmoserum θαυματουργοῦ φαρμάκου κατὰ τῆς φθίσεως καὶ ἀσθενῶν ἀναπνευστικῶν ὀργάνων, ὡς ἄλλων τοῦ παθολογικοῦ.

Χημικὸν καὶ μικροβιολογικὸν ἐργαστήριον διευθυνόμενον ὑπὸ Δ. ΠΕΝΤΖΙΚΗ χημικοῦ τῆς Λυών.

Ἀναλύσεις: οὔρων, πτυέλων, αἵματος, γάλακτος, ὑδάτων, οἴνου, βουτύρου, ἐλαίου, ἀλεύρων, κηροῦ, πετελίων κτλ.

Ὀρροδιαγνωστικὴ ἐξέτασις: τοῦ Widal πρὸς διάγνωσιν τοῦ τύφου.

Ὀρροδιαγνωστικὴ ἐξέτασις τοῦ Wassermann πρὸς διάγνωσιν τῆς σιφιλίδος.

Μικροσκοπικὴ ἐξέτασις: ἐξετάσεις δι᾿ αἱματοζωάρια τοῦ Laveran πρὸς διάγνωσιν τῶν ἐλωδῶν πυρετῶν.

Μικροβιολογικὴ ἐξέτασις: ἐγκεφαλονωτιαίου ὑγροῦ πρὸς διάγνωσιν μηνιγγίτιδος.

Ἀπολυμάνσεις οἰκημάτων κατὰ τὸ νεώτερον ἐπιστημονικὸν σύστημα.

Παρασκευὴ προχείρου ὀξυγόνου δι᾿ εἰσπνοάς.

ΣΥΣΤΑΣΙΣ

Παραπέμπομεν τοὺς ἀναγνώστας εἰς τὴν ἐν τῇ Δη σελίδι δημοσιευομένην ἀγγελίαν τῶν κ. κ.

ΑΔΕΛΦΩΝ Γ. ΓΡΗΓΟΡΙΑΔΟΥ

ΣΥΜΒΟΥΛΩΝ ΜΗΧΑΝΙΚΩΝ

Τοῦ Οἴκου τούτου τὸ μὲν Μηχανικὸν Τμῆμα διευθύνει ὁ κ. Ἰωάννης Γ. Γρηγοριάδης, Μηχανικὸς διπλωματοῦχος τῶν Πολυτεχνείων Bolton καὶ Manchester, τὸ δὲ Γεωπονικὸν ὁ κ. Μιχ. Γ. Γρηγοριάδης, Γεωπόνος διπλωματοῦχος τῆς Γεωργικῆς Σχολῆς ἐν Montpellier.
